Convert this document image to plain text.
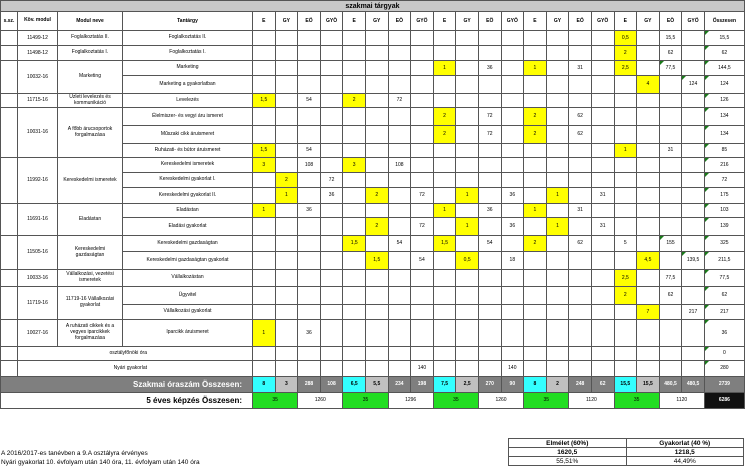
szakmai tárgyak																								
s.sz.	Köv. modul	Modul neve	Tantárgy	E	GY	EÖ	GYÖ	E	GY	EÖ	GYÖ	E	GY	EÖ	GYÖ	E	GY	EÖ	GYÖ	E	GY	EÖ	GYÖ	Összesen
	11499-12	Foglalkoztatás II.	Foglalkoztatás II.																	0,5		15,5		15,5
	11498-12	Foglalkoztatás I.	Foglalkoztatás I.																	2		62		62
	10032-16	Marketing	Marketing									1		36		1		31		2,5		77,5		144,5
			Marketing a gyakorlatban																		4		124	124
	11715-16	Üzleti levelezés és kommunikáció	Levelezés	1,5		54		2		72														126
	10031-16	A főbb árucsoportok forgalmazása	Élelmiszer- és vegyi áru ismeret									2		72		2		62						134
			Műszaki cikk áruismeret									2		72		2		62						134
			Ruházati- és bútor áruismeret	1,5		54														1		31		85
	11992-16	Kereskedelmi ismeretek	Kereskedelmi ismeretek	3		108		3		108														216
			Kereskedelmi gyakorlat I.		2		72																	72
			Kereskedelmi gyakorlat II.		1		36		2		72		1		36		1		31					175
	11691-16	Eladástan	Eladástan	1		36						1		36		1		31						103
			Eladási gyakorlat						2		72		1		36		1		31					139
	11505-16	Kereskedelmi gazdaságtan	Kereskedelmi gazdaságtan					1,5		54		1,5		54		2		62		5		155		325
			Kereskedelmi gazdaságtan gyakorlat						1,5		54		0,5		18						4,5		139,5	211,5
	10033-16	Vállalkozási, vezetési ismeretek	Vállalkozástan																	2,5		77,5		77,5
	11719-16	11719-16 Vállalkozási gyakorlat	Ügyvitel																	2		62		62
			Vállalkozási gyakorlat																		7		217	217
	10027-16	A ruházati cikkek és a vegyes iparcikkek forgalmazása	Iparcikk áruismeret	1		36																		36
	osztályfőnöki óra																							0
	Nyári gyakorlat										140				140									280
Szakmai óraszám Összesen:				8	3	288	108	6,5	5,5	234	198	7,5	2,5	270	90	8	2	248	62	15,5	15,5	480,5	480,5	2739
5 éves képzés Összesen:				35		1260		35		1296		35		1260		35		1120		35		1120		6286
A 2016/2017-es tanévben a 9.A osztályra érvényes
Nyári gyakorlat 10. évfolyam után 140 óra, 11. évfolyam után 140 óra
Elmélet (60%)	Gyakorlat (40 %)
1620,5	1218,5
55,51%	44,49%
